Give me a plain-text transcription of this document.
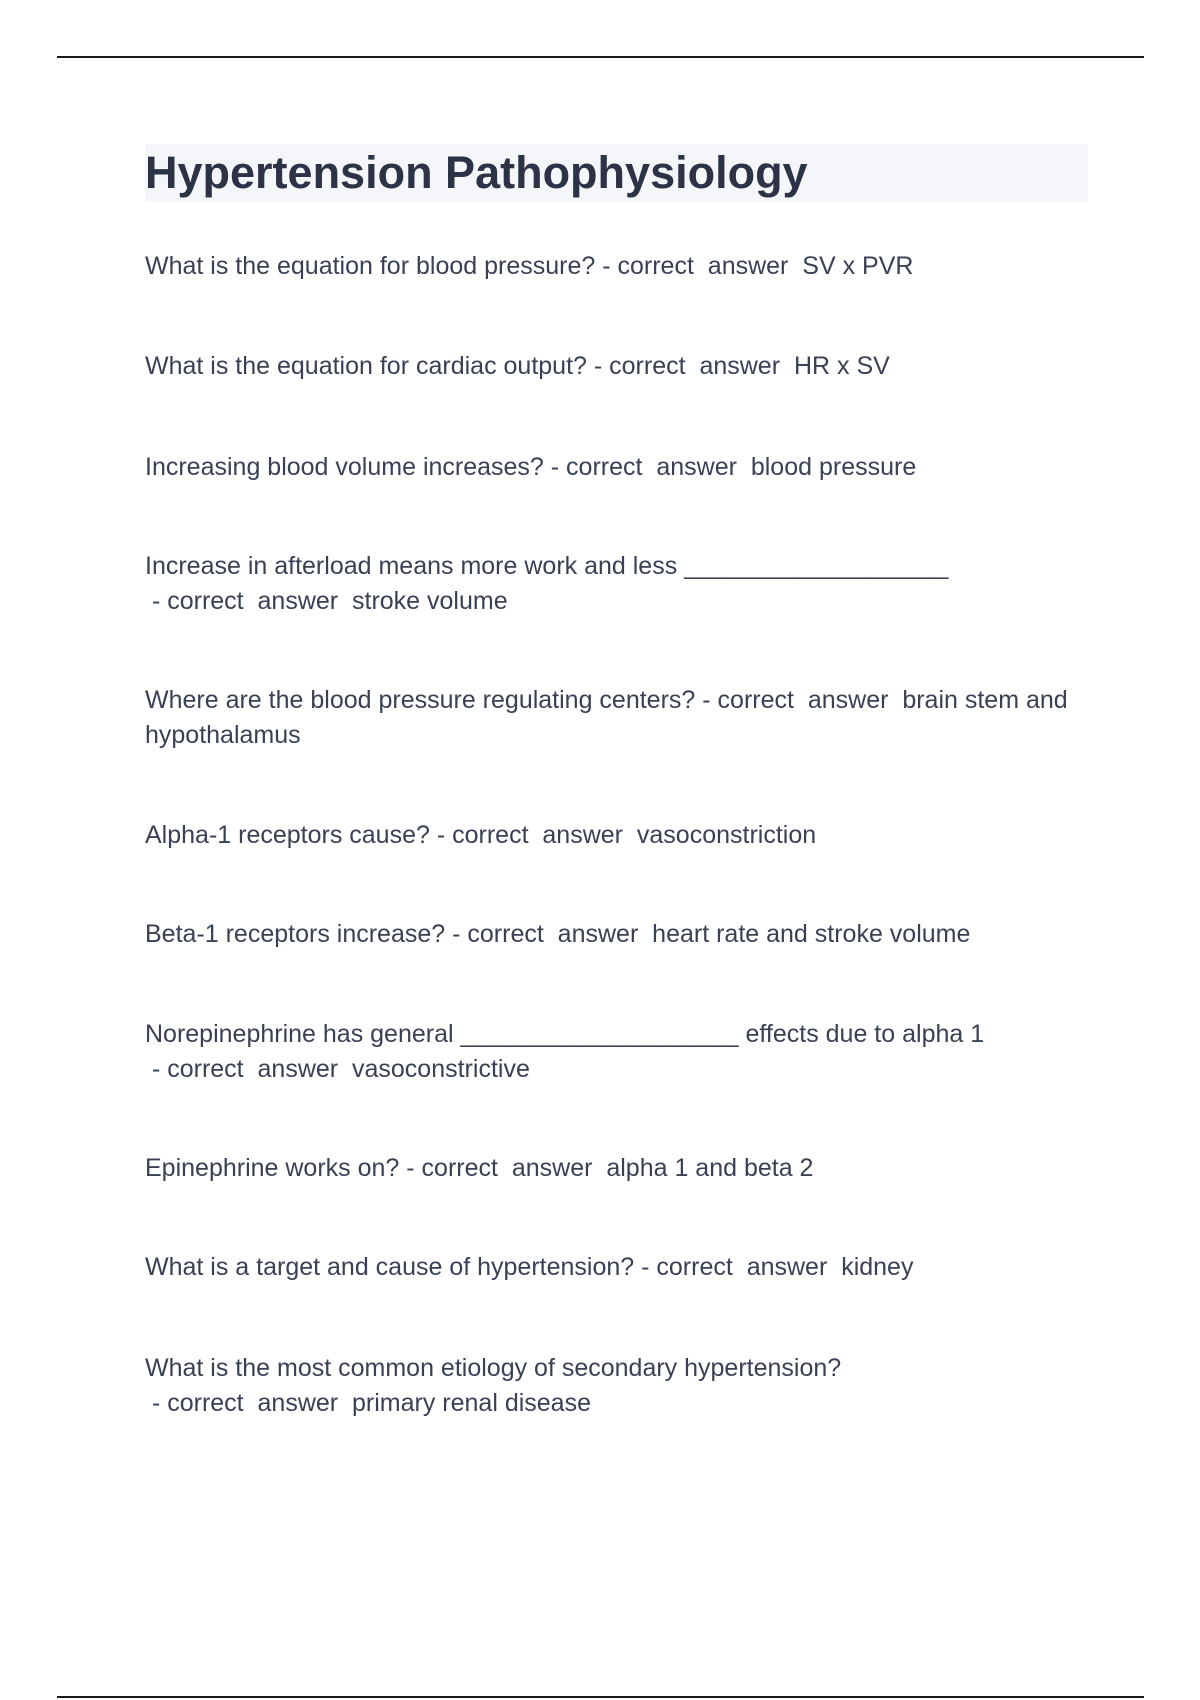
Hypertension Pathophysiology

What is the equation for blood pressure? - correct  answer  SV x PVR

What is the equation for cardiac output? - correct  answer  HR x SV

Increasing blood volume increases? - correct  answer  blood pressure

Increase in afterload means more work and less ___________________ - correct  answer  stroke volume

Where are the blood pressure regulating centers? - correct  answer  brain stem and hypothalamus

Alpha-1 receptors cause? - correct  answer  vasoconstriction

Beta-1 receptors increase? - correct  answer  heart rate and stroke volume

Norepinephrine has general ____________________ effects due to alpha 1 - correct  answer  vasoconstrictive

Epinephrine works on? - correct  answer  alpha 1 and beta 2

What is a target and cause of hypertension? - correct  answer  kidney

What is the most common etiology of secondary hypertension? - correct  answer  primary renal disease
